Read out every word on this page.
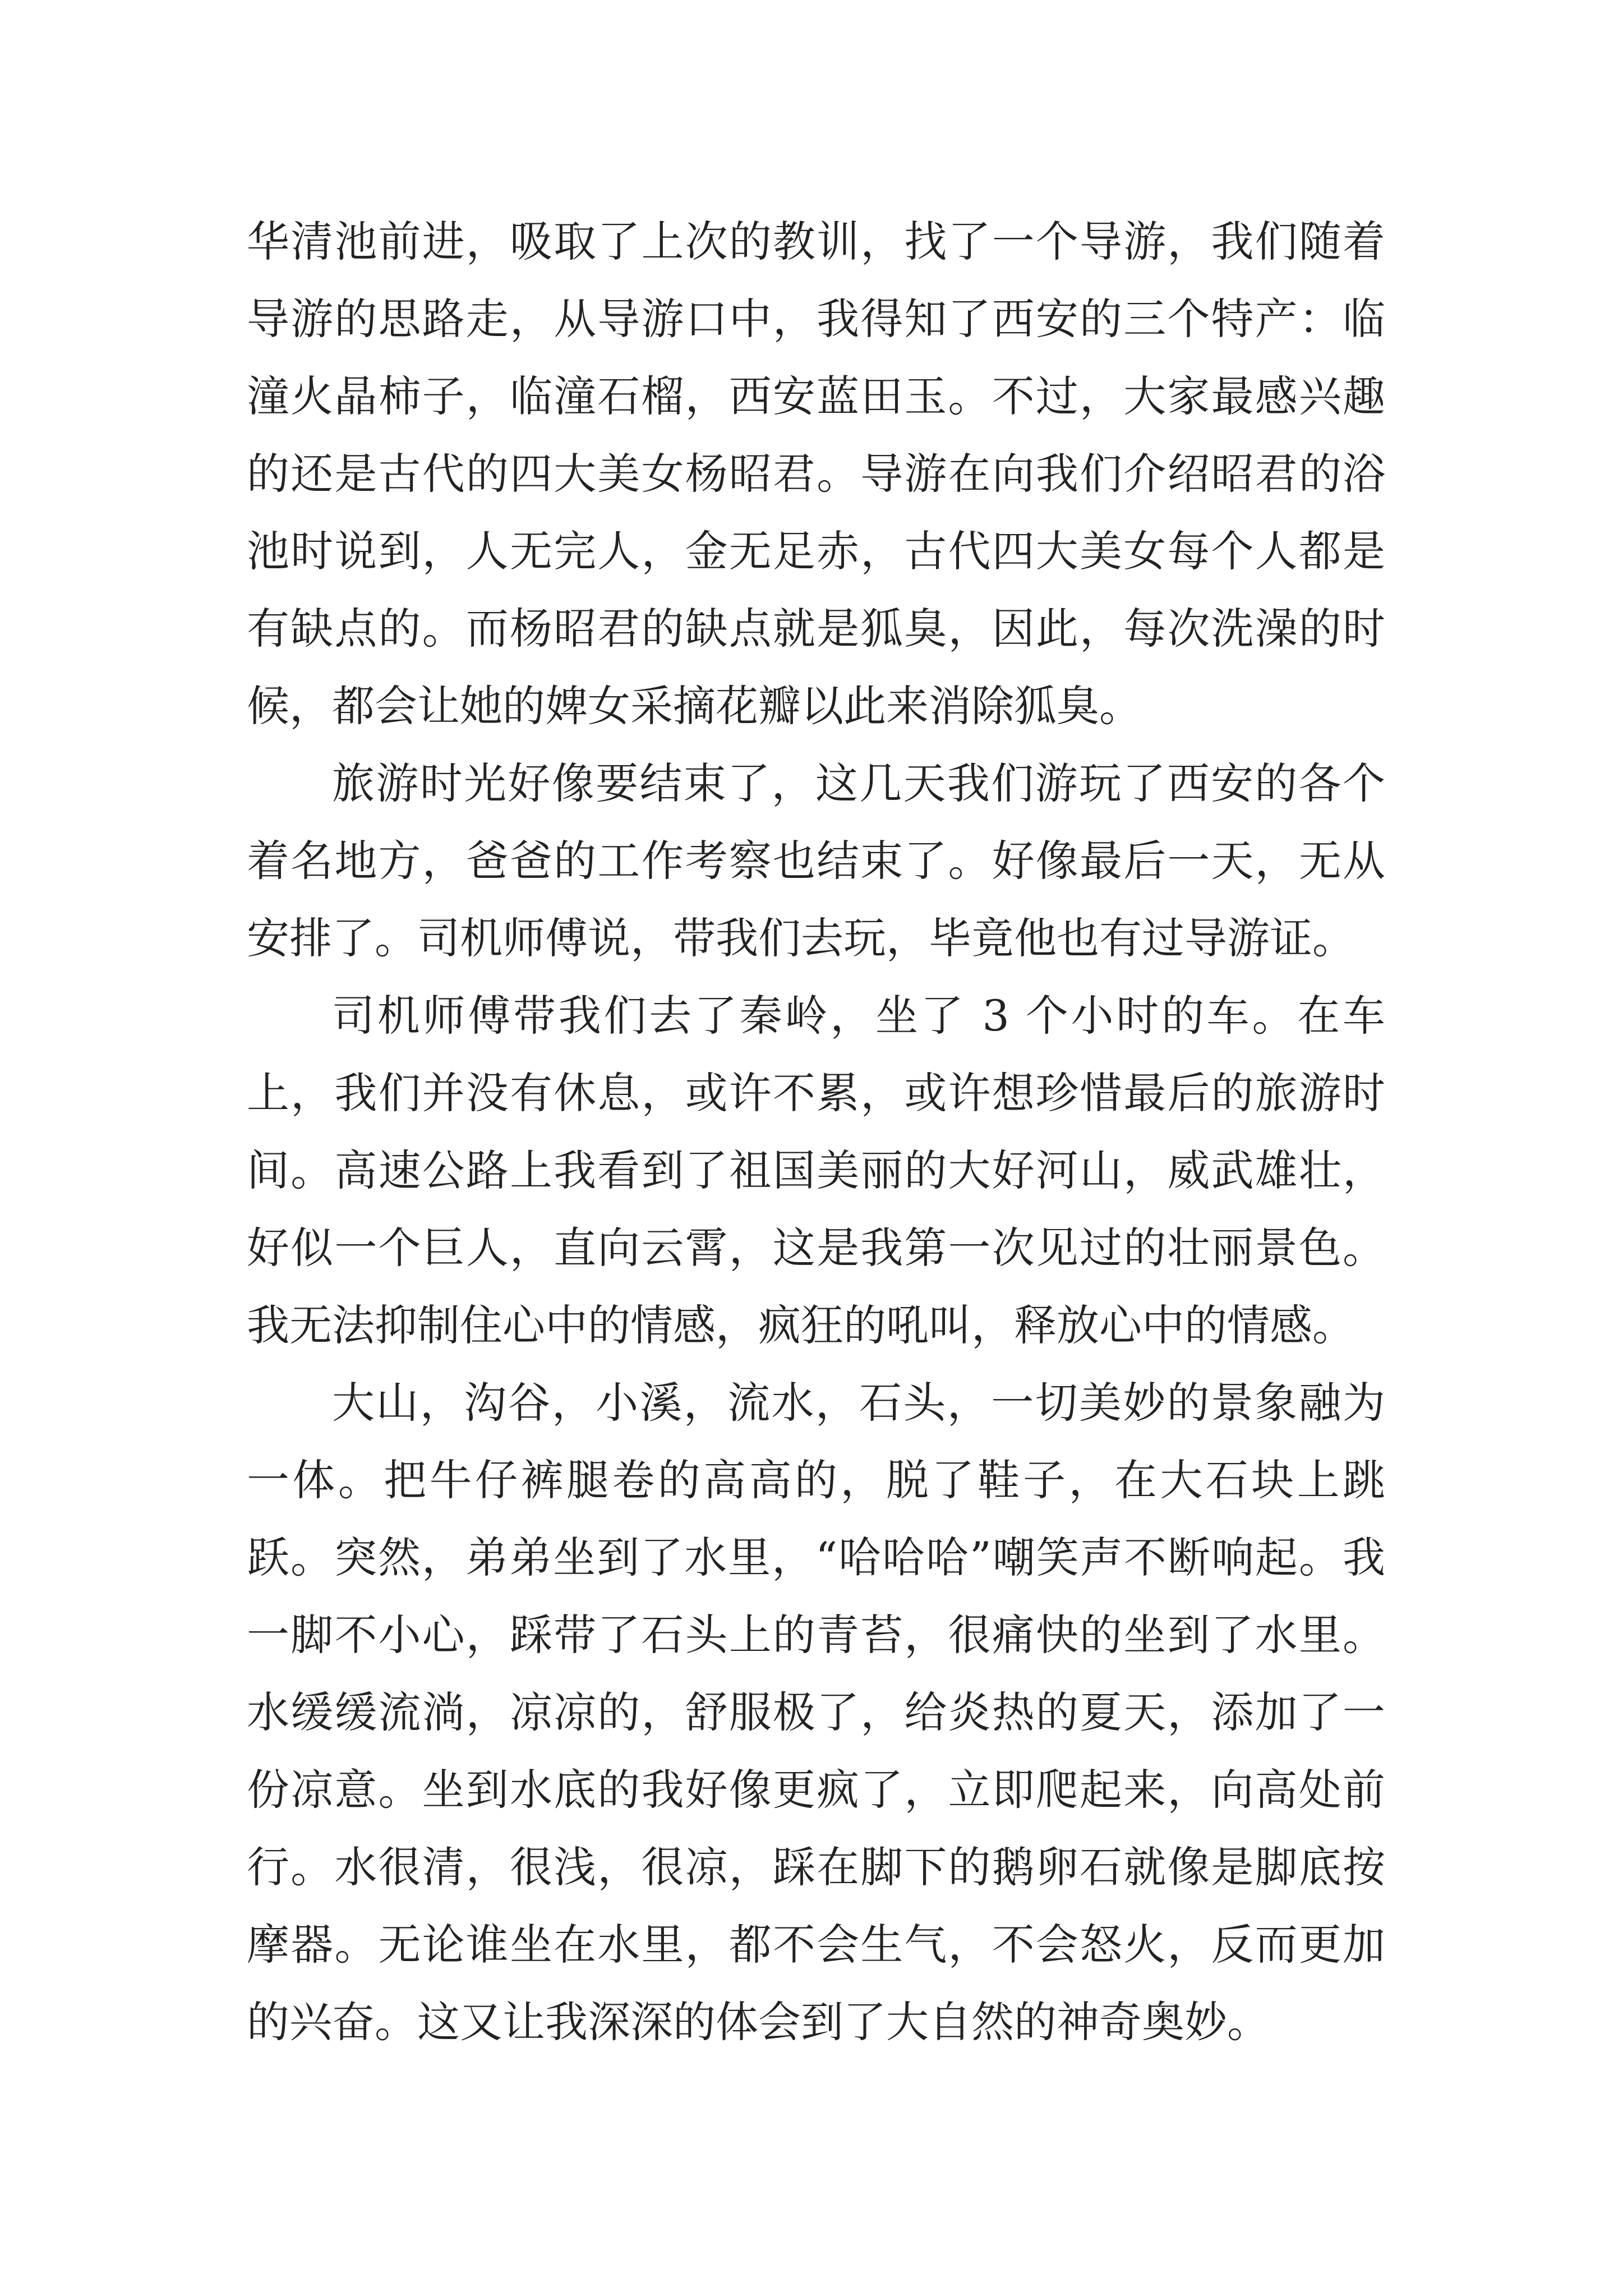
华清池前进，吸取了上次的教训，找了一个导游，我们随着导游的思路走，从导游口中，我得知了西安的三个特产：临潼火晶柿子，临潼石榴，西安蓝田玉。不过，大家最感兴趣的还是古代的四大美女杨昭君。导游在向我们介绍昭君的浴池时说到，人无完人，金无足赤，古代四大美女每个人都是有缺点的。而杨昭君的缺点就是狐臭，因此，每次洗澡的时候，都会让她的婢女采摘花瓣以此来消除狐臭。

旅游时光好像要结束了，这几天我们游玩了西安的各个着名地方，爸爸的工作考察也结束了。好像最后一天，无从安排了。司机师傅说，带我们去玩，毕竟他也有过导游证。

司机师傅带我们去了秦岭，坐了 3 个小时的车。在车上，我们并没有休息，或许不累，或许想珍惜最后的旅游时间。高速公路上我看到了祖国美丽的大好河山，威武雄壮，好似一个巨人，直向云霄，这是我第一次见过的壮丽景色。我无法抑制住心中的情感，疯狂的吼叫，释放心中的情感。

大山，沟谷，小溪，流水，石头，一切美妙的景象融为一体。把牛仔裤腿卷的高高的，脱了鞋子，在大石块上跳跃。突然，弟弟坐到了水里，“哈哈哈”嘲笑声不断响起。我一脚不小心，踩带了石头上的青苔，很痛快的坐到了水里。水缓缓流淌，凉凉的，舒服极了，给炎热的夏天，添加了一份凉意。坐到水底的我好像更疯了，立即爬起来，向高处前行。水很清，很浅，很凉，踩在脚下的鹅卵石就像是脚底按摩器。无论谁坐在水里，都不会生气，不会怒火，反而更加的兴奋。这又让我深深的体会到了大自然的神奇奥妙。
